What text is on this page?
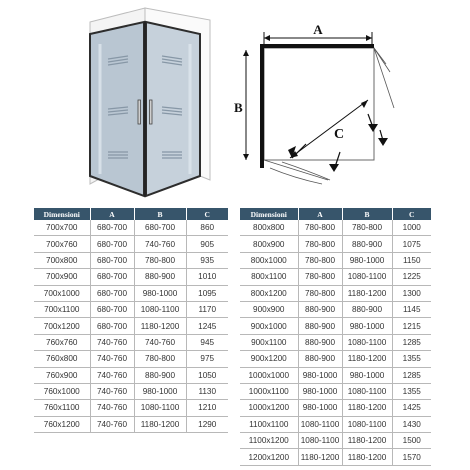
A
B
C
Dimensioni	A	B	C
700x700	680-700	680-700	860
700x760	680-700	740-760	905
700x800	680-700	780-800	935
700x900	680-700	880-900	1010
700x1000	680-700	980-1000	1095
700x1100	680-700	1080-1100	1170
700x1200	680-700	1180-1200	1245
760x760	740-760	740-760	945
760x800	740-760	780-800	975
760x900	740-760	880-900	1050
760x1000	740-760	980-1000	1130
760x1100	740-760	1080-1100	1210
760x1200	740-760	1180-1200	1290
Dimensioni	A	B	C
800x800	780-800	780-800	1000
800x900	780-800	880-900	1075
800x1000	780-800	980-1000	1150
800x1100	780-800	1080-1100	1225
800x1200	780-800	1180-1200	1300
900x900	880-900	880-900	1145
900x1000	880-900	980-1000	1215
900x1100	880-900	1080-1100	1285
900x1200	880-900	1180-1200	1355
1000x1000	980-1000	980-1000	1285
1000x1100	980-1000	1080-1100	1355
1000x1200	980-1000	1180-1200	1425
1100x1100	1080-1100	1080-1100	1430
1100x1200	1080-1100	1180-1200	1500
1200x1200	1180-1200	1180-1200	1570
